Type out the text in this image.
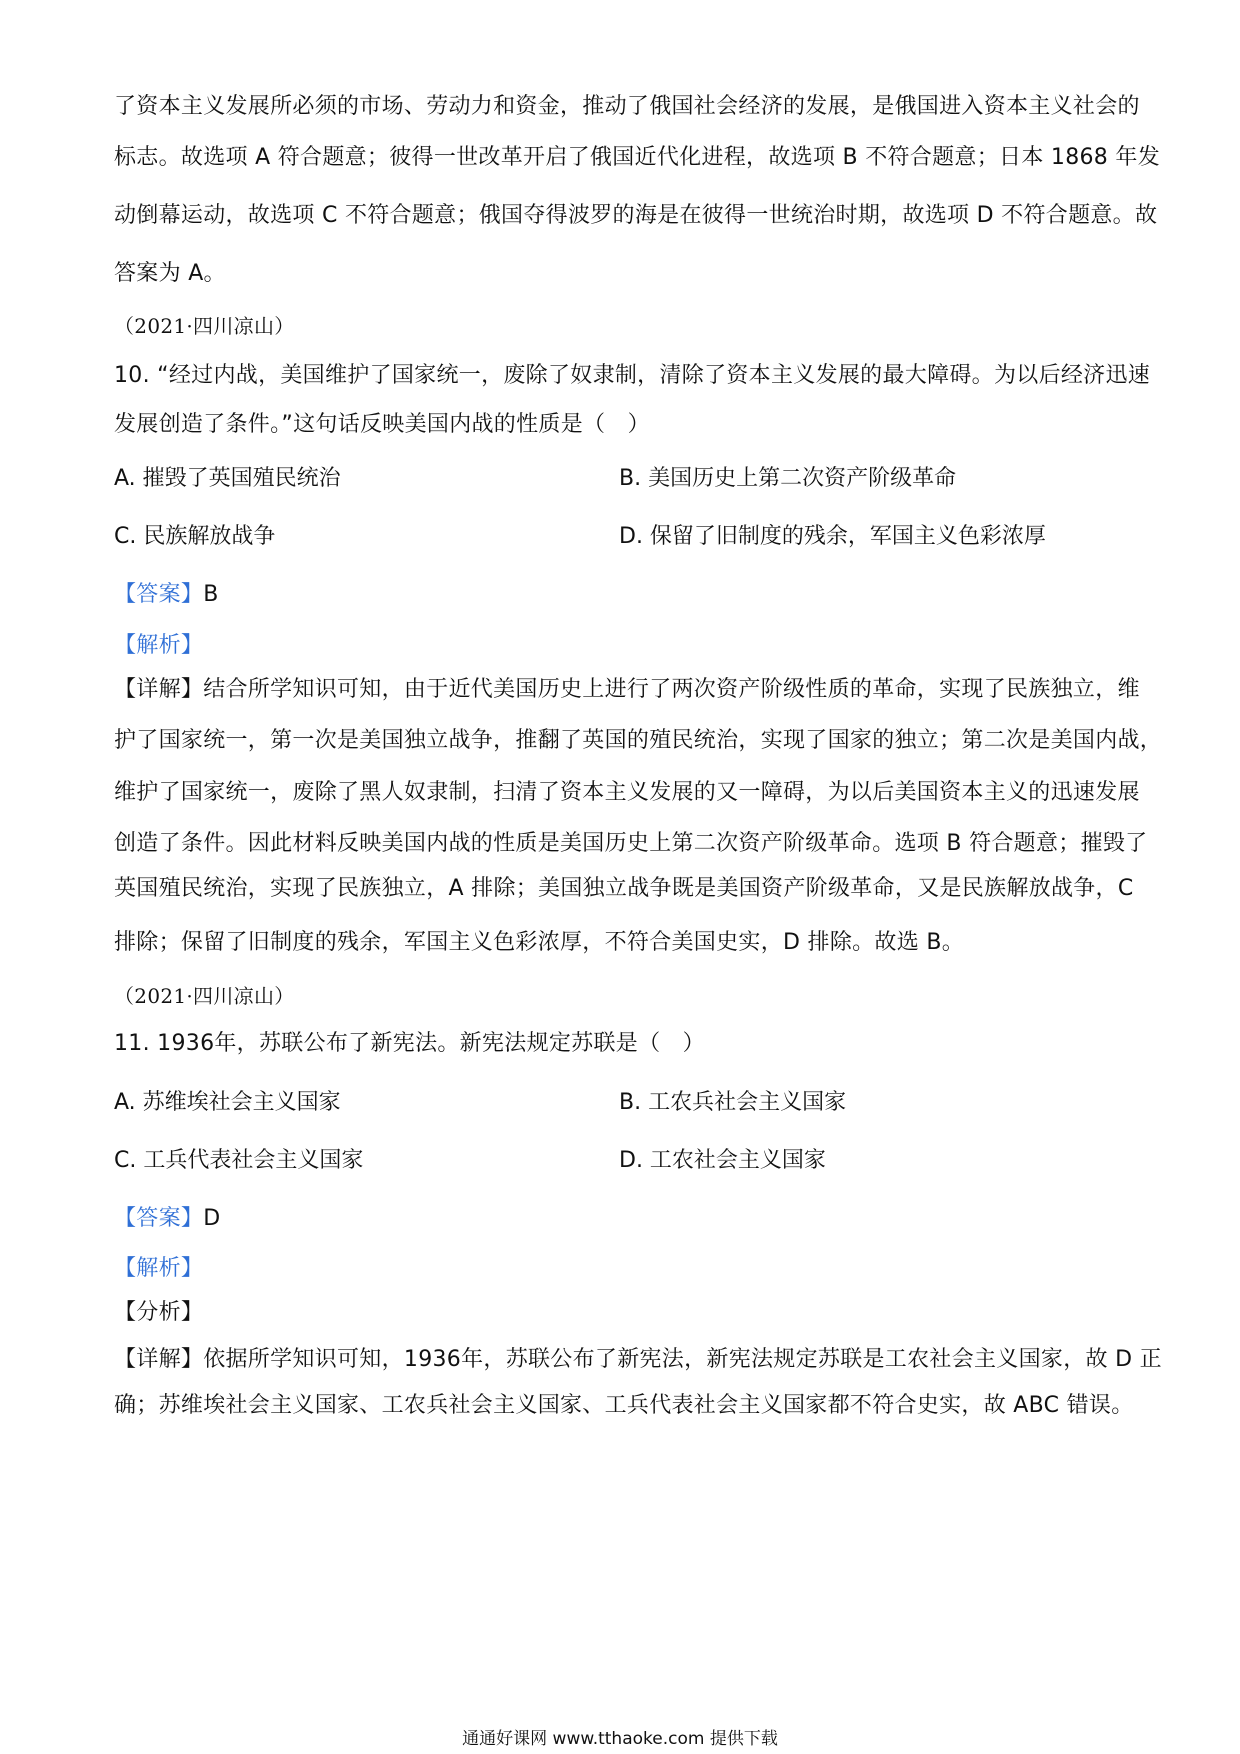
了资本主义发展所必须的市场、劳动力和资金，推动了俄国社会经济的发展，是俄国进入资本主义社会的
标志。故选项 A 符合题意；彼得一世改革开启了俄国近代化进程，故选项 B 不符合题意；日本 1868 年发
动倒幕运动，故选项 C 不符合题意；俄国夺得波罗的海是在彼得一世统治时期，故选项 D 不符合题意。故
答案为 A。
（2021·四川凉山）
10. “经过内战，美国维护了国家统一，废除了奴隶制，清除了资本主义发展的最大障碍。为以后经济迅速
发展创造了条件。”这句话反映美国内战的性质是（　）
A. 摧毁了英国殖民统治	B. 美国历史上第二次资产阶级革命
C. 民族解放战争	D. 保留了旧制度的残余，军国主义色彩浓厚
【答案】B
【解析】
【详解】结合所学知识可知，由于近代美国历史上进行了两次资产阶级性质的革命，实现了民族独立，维
护了国家统一，第一次是美国独立战争，推翻了英国的殖民统治，实现了国家的独立；第二次是美国内战，
维护了国家统一，废除了黑人奴隶制，扫清了资本主义发展的又一障碍，为以后美国资本主义的迅速发展
创造了条件。因此材料反映美国内战的性质是美国历史上第二次资产阶级革命。选项 B 符合题意；摧毁了
英国殖民统治，实现了民族独立，A 排除；美国独立战争既是美国资产阶级革命，又是民族解放战争，C
排除；保留了旧制度的残余，军国主义色彩浓厚，不符合美国史实，D 排除。故选 B。
（2021·四川凉山）
11. 1936年，苏联公布了新宪法。新宪法规定苏联是（　）
A. 苏维埃社会主义国家	B. 工农兵社会主义国家
C. 工兵代表社会主义国家	D. 工农社会主义国家
【答案】D
【解析】
【分析】
【详解】依据所学知识可知，1936年，苏联公布了新宪法，新宪法规定苏联是工农社会主义国家，故 D 正
确；苏维埃社会主义国家、工农兵社会主义国家、工兵代表社会主义国家都不符合史实，故 ABC 错误。
通通好课网 www.tthaoke.com 提供下载
